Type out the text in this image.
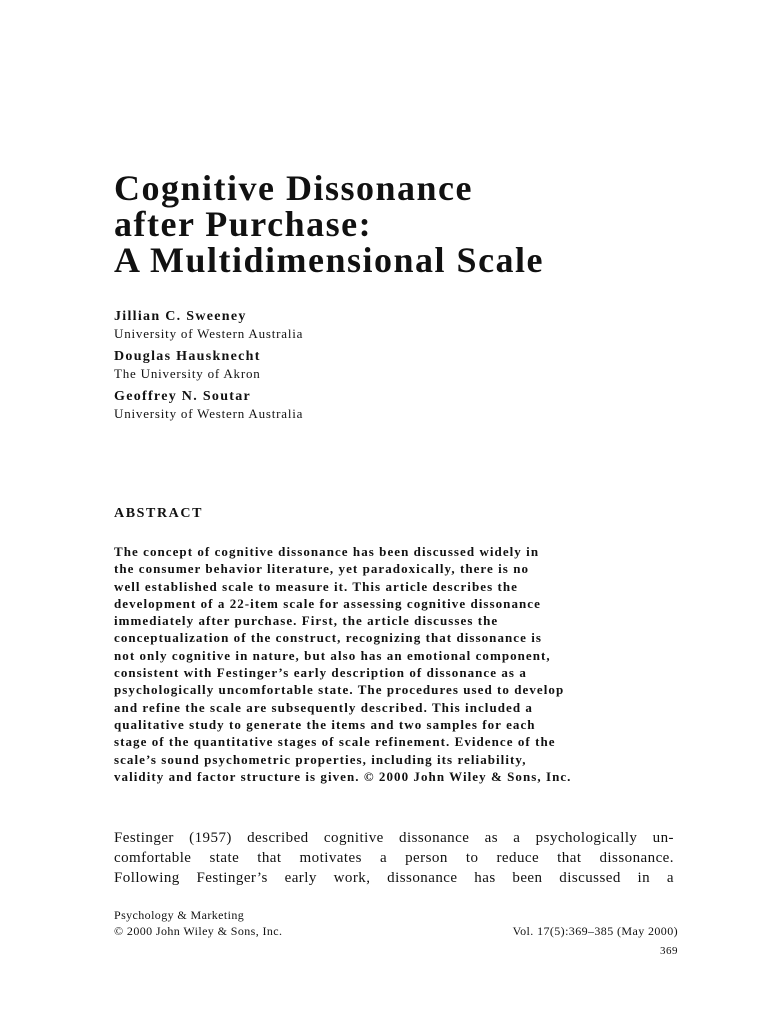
Cognitive Dissonance
after Purchase:
A Multidimensional Scale
Jillian C. Sweeney
University of Western Australia
Douglas Hausknecht
The University of Akron
Geoffrey N. Soutar
University of Western Australia
ABSTRACT
The concept of cognitive dissonance has been discussed widely in
the consumer behavior literature, yet paradoxically, there is no
well established scale to measure it. This article describes the
development of a 22-item scale for assessing cognitive dissonance
immediately after purchase. First, the article discusses the
conceptualization of the construct, recognizing that dissonance is
not only cognitive in nature, but also has an emotional component,
consistent with Festinger’s early description of dissonance as a
psychologically uncomfortable state. The procedures used to develop
and refine the scale are subsequently described. This included a
qualitative study to generate the items and two samples for each
stage of the quantitative stages of scale refinement. Evidence of the
scale’s sound psychometric properties, including its reliability,
validity and factor structure is given. © 2000 John Wiley & Sons, Inc.
Festinger (1957) described cognitive dissonance as a psychologically un-
comfortable state that motivates a person to reduce that dissonance.
Following Festinger’s early work, dissonance has been discussed in a
Psychology & Marketing
© 2000 John Wiley & Sons, Inc.	Vol. 17(5):369–385 (May 2000)
369
